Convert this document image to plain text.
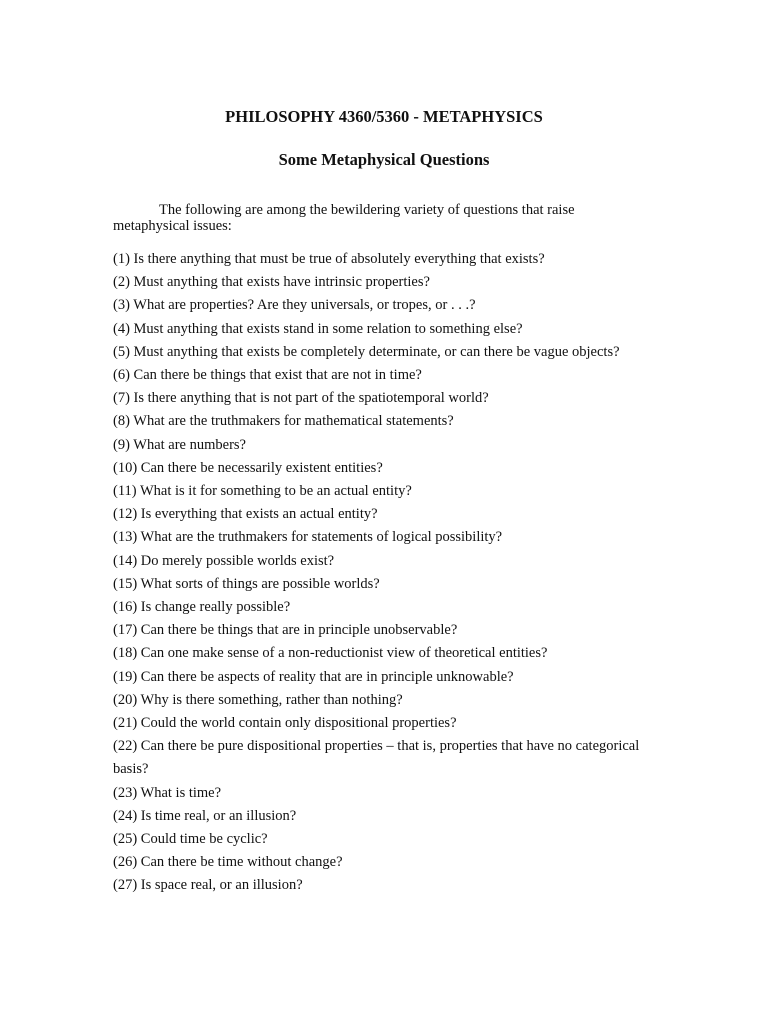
PHILOSOPHY 4360/5360 - METAPHYSICS
Some Metaphysical Questions

The following are among the bewildering variety of questions that raise
metaphysical issues:

(1) Is there anything that must be true of absolutely everything that exists?
(2) Must anything that exists have intrinsic properties?
(3) What are properties? Are they universals, or tropes, or . . .?
(4) Must anything that exists stand in some relation to something else?
(5) Must anything that exists be completely determinate, or can there be vague objects?
(6) Can there be things that exist that are not in time?
(7) Is there anything that is not part of the spatiotemporal world?
(8) What are the truthmakers for mathematical statements?
(9) What are numbers?
(10) Can there be necessarily existent entities?
(11) What is it for something to be an actual entity?
(12) Is everything that exists an actual entity?
(13) What are the truthmakers for statements of logical possibility?
(14) Do merely possible worlds exist?
(15) What sorts of things are possible worlds?
(16) Is change really possible?
(17) Can there be things that are in principle unobservable?
(18) Can one make sense of a non-reductionist view of theoretical entities?
(19) Can there be aspects of reality that are in principle unknowable?
(20) Why is there something, rather than nothing?
(21) Could the world contain only dispositional properties?
(22) Can there be pure dispositional properties – that is, properties that have no categorical basis?
(23) What is time?
(24) Is time real, or an illusion?
(25) Could time be cyclic?
(26) Can there be time without change?
(27) Is space real, or an illusion?
